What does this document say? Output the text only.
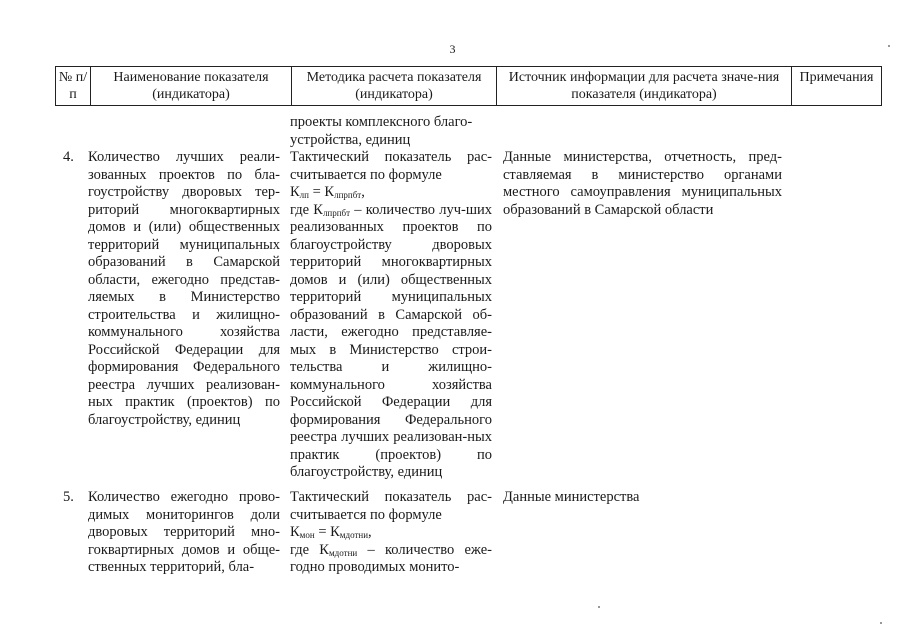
3
№ п/п
Наименование показателя (индикатора)
Методика расчета показателя (индикатора)
Источник информации для расчета значе-ния показателя (индикатора)
Примечания
проекты комплексного благо-
устройства, единиц
4. Количество лучших реали-зованных проектов по бла-гоустройству дворовых тер-риторий многоквартирных домов и (или) общественных территорий муниципальных образований в Самарской области, ежегодно представ-ляемых в Министерство строительства и жилищно-коммунального хозяйства Российской Федерации для формирования Федерального реестра лучших реализован-ных практик (проектов) по благоустройству, единиц
Тактический показатель рас-считывается по формуле
$К_{лп} = К_{лпрпбт}$,
где $К_{лпрпбт}$ – количество луч-ших реализованных проектов по благоустройству дворовых территорий многоквартирных домов и (или) общественных территорий муниципальных образований в Самарской об-ласти, ежегодно представляе-мых в Министерство строи-тельства и жилищно-коммунального хозяйства Российской Федерации для формирования Федерального реестра лучших реализован-ных практик (проектов) по благоустройству, единиц
Данные министерства, отчетность, пред-ставляемая в министерство органами местного самоуправления муниципальных образований в Самарской области
5. Количество ежегодно прово-димых мониторингов доли дворовых территорий мно-гоквартирных домов и обще-ственных территорий, бла-
Тактический показатель рас-считывается по формуле
$К_{мон} = К_{мдотни}$,
где $К_{мдотни}$ – количество еже-годно проводимых монито-
Данные министерства
